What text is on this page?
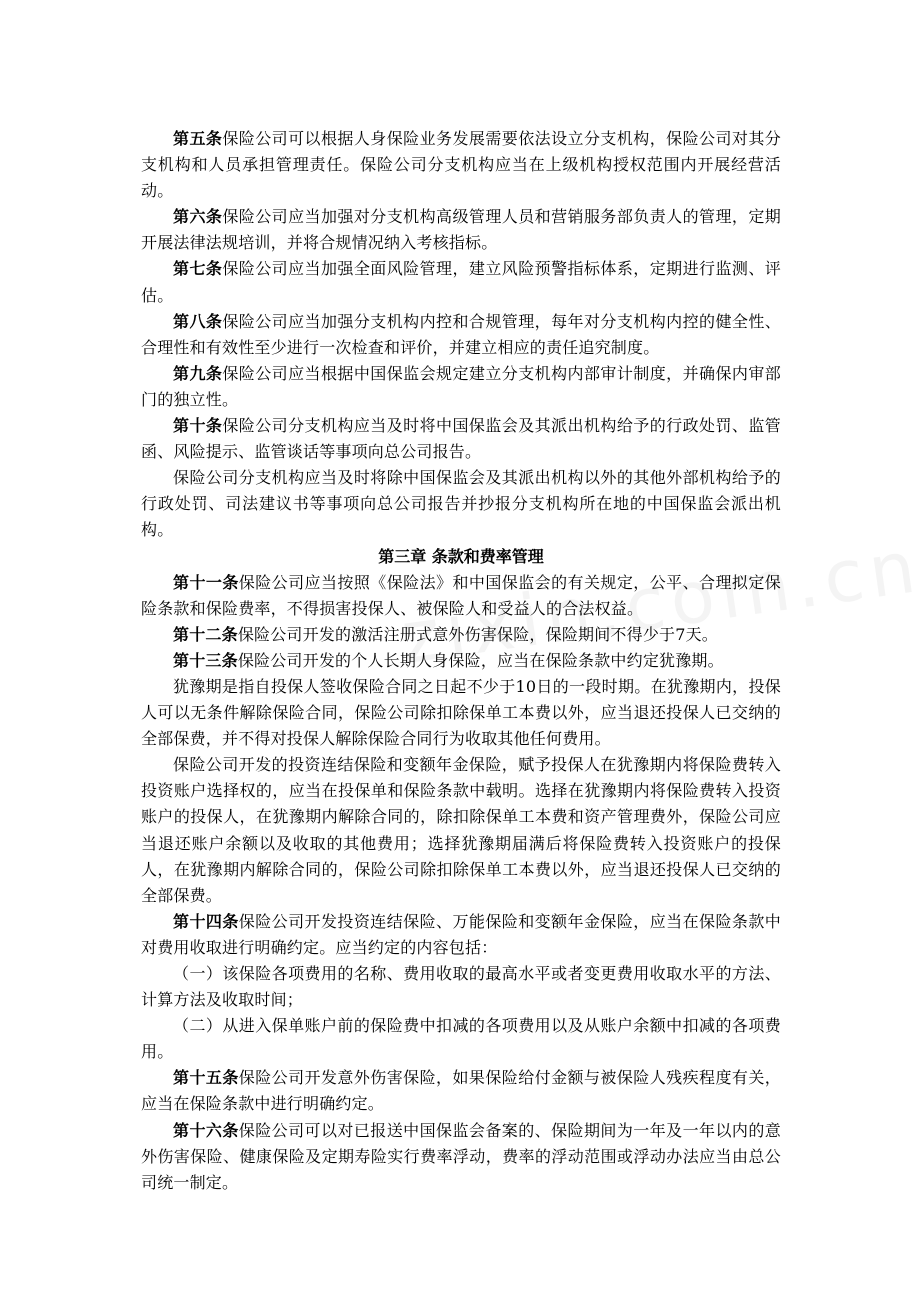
第五条保险公司可以根据人身保险业务发展需要依法设立分支机构，保险公司对其分支机构和人员承担管理责任。保险公司分支机构应当在上级机构授权范围内开展经营活动。

第六条保险公司应当加强对分支机构高级管理人员和营销服务部负责人的管理，定期开展法律法规培训，并将合规情况纳入考核指标。

第七条保险公司应当加强全面风险管理，建立风险预警指标体系，定期进行监测、评估。

第八条保险公司应当加强分支机构内控和合规管理，每年对分支机构内控的健全性、合理性和有效性至少进行一次检查和评价，并建立相应的责任追究制度。

第九条保险公司应当根据中国保监会规定建立分支机构内部审计制度，并确保内审部门的独立性。

第十条保险公司分支机构应当及时将中国保监会及其派出机构给予的行政处罚、监管函、风险提示、监管谈话等事项向总公司报告。

保险公司分支机构应当及时将除中国保监会及其派出机构以外的其他外部机构给予的行政处罚、司法建议书等事项向总公司报告并抄报分支机构所在地的中国保监会派出机构。

第三章 条款和费率管理

第十一条保险公司应当按照《保险法》和中国保监会的有关规定，公平、合理拟定保险条款和保险费率，不得损害投保人、被保险人和受益人的合法权益。

第十二条保险公司开发的激活注册式意外伤害保险，保险期间不得少于7天。

第十三条保险公司开发的个人长期人身保险，应当在保险条款中约定犹豫期。

犹豫期是指自投保人签收保险合同之日起不少于10日的一段时期。在犹豫期内，投保人可以无条件解除保险合同，保险公司除扣除保单工本费以外，应当退还投保人已交纳的全部保费，并不得对投保人解除保险合同行为收取其他任何费用。

保险公司开发的投资连结保险和变额年金保险，赋予投保人在犹豫期内将保险费转入投资账户选择权的，应当在投保单和保险条款中载明。选择在犹豫期内将保险费转入投资账户的投保人，在犹豫期内解除合同的，除扣除保单工本费和资产管理费外，保险公司应当退还账户余额以及收取的其他费用；选择犹豫期届满后将保险费转入投资账户的投保人，在犹豫期内解除合同的，保险公司除扣除保单工本费以外，应当退还投保人已交纳的全部保费。

第十四条保险公司开发投资连结保险、万能保险和变额年金保险，应当在保险条款中对费用收取进行明确约定。应当约定的内容包括：

（一）该保险各项费用的名称、费用收取的最高水平或者变更费用收取水平的方法、计算方法及收取时间；

（二）从进入保单账户前的保险费中扣减的各项费用以及从账户余额中扣减的各项费用。

第十五条保险公司开发意外伤害保险，如果保险给付金额与被保险人残疾程度有关，应当在保险条款中进行明确约定。

第十六条保险公司可以对已报送中国保监会备案的、保险期间为一年及一年以内的意外伤害保险、健康保险及定期寿险实行费率浮动，费率的浮动范围或浮动办法应当由总公司统一制定。
